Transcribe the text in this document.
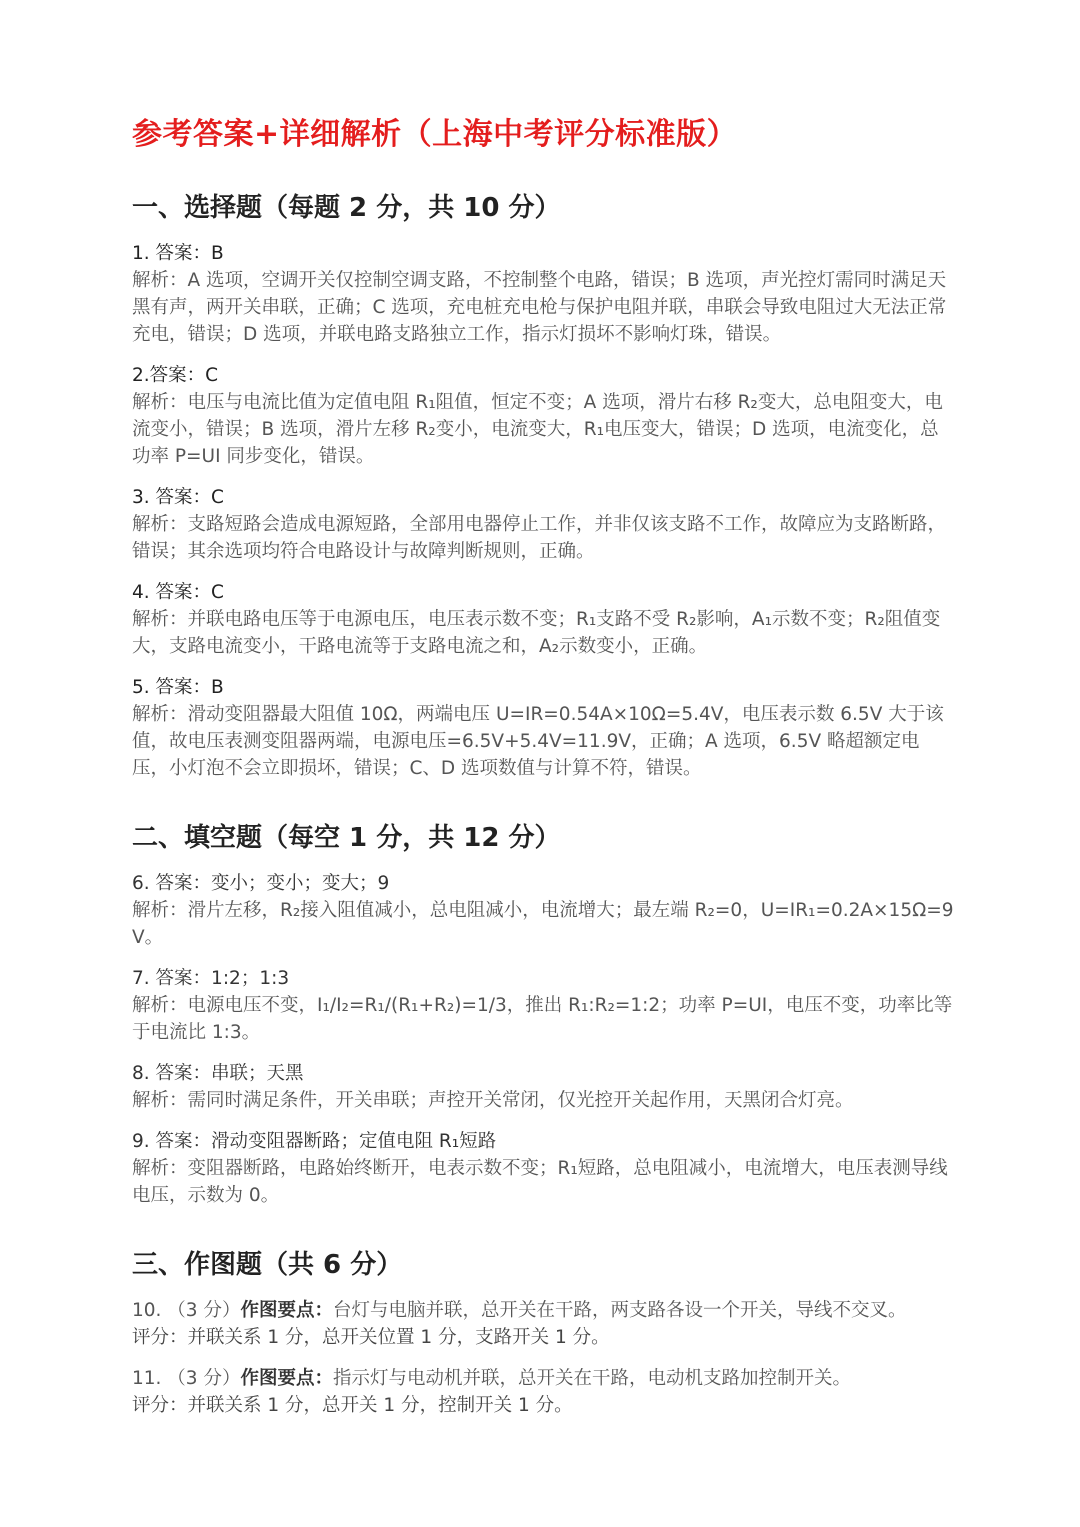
参考答案+详细解析（上海中考评分标准版）
一、选择题（每题 2 分，共 10 分）
1. 答案：B
解析：A 选项，空调开关仅控制空调支路，不控制整个电路，错误；B 选项，声光控灯需同时满足天黑有声，两开关串联，正确；C 选项，充电桩充电枪与保护电阻并联，串联会导致电阻过大无法正常充电，错误；D 选项，并联电路支路独立工作，指示灯损坏不影响灯珠，错误。
2.答案：C
解析：电压与电流比值为定值电阻 R₁阻值，恒定不变；A 选项，滑片右移 R₂变大，总电阻变大，电流变小，错误；B 选项，滑片左移 R₂变小，电流变大，R₁电压变大，错误；D 选项，电流变化，总功率 P=UI 同步变化，错误。
3. 答案：C
解析：支路短路会造成电源短路，全部用电器停止工作，并非仅该支路不工作，故障应为支路断路，错误；其余选项均符合电路设计与故障判断规则，正确。
4. 答案：C
解析：并联电路电压等于电源电压，电压表示数不变；R₁支路不受 R₂影响，A₁示数不变；R₂阻值变大，支路电流变小，干路电流等于支路电流之和，A₂示数变小，正确。
5. 答案：B
解析：滑动变阻器最大阻值 10Ω，两端电压 U=IR=0.54A×10Ω=5.4V，电压表示数 6.5V 大于该值，故电压表测变阻器两端，电源电压=6.5V+5.4V=11.9V，正确；A 选项，6.5V 略超额定电压，小灯泡不会立即损坏，错误；C、D 选项数值与计算不符，错误。
二、填空题（每空 1 分，共 12 分）
6. 答案：变小；变小；变大；9
解析：滑片左移，R₂接入阻值减小，总电阻减小，电流增大；最左端 R₂=0，U=IR₁=0.2A×15Ω=9V。
7. 答案：1:2；1:3
解析：电源电压不变，I₁/I₂=R₁/(R₁+R₂)=1/3，推出 R₁:R₂=1:2；功率 P=UI，电压不变，功率比等于电流比 1:3。
8. 答案：串联；天黑
解析：需同时满足条件，开关串联；声控开关常闭，仅光控开关起作用，天黑闭合灯亮。
9. 答案：滑动变阻器断路；定值电阻 R₁短路
解析：变阻器断路，电路始终断开，电表示数不变；R₁短路，总电阻减小，电流增大，电压表测导线电压，示数为 0。
三、作图题（共 6 分）
10. （3 分）作图要点：台灯与电脑并联，总开关在干路，两支路各设一个开关，导线不交叉。
评分：并联关系 1 分，总开关位置 1 分，支路开关 1 分。
11. （3 分）作图要点：指示灯与电动机并联，总开关在干路，电动机支路加控制开关。
评分：并联关系 1 分，总开关 1 分，控制开关 1 分。
